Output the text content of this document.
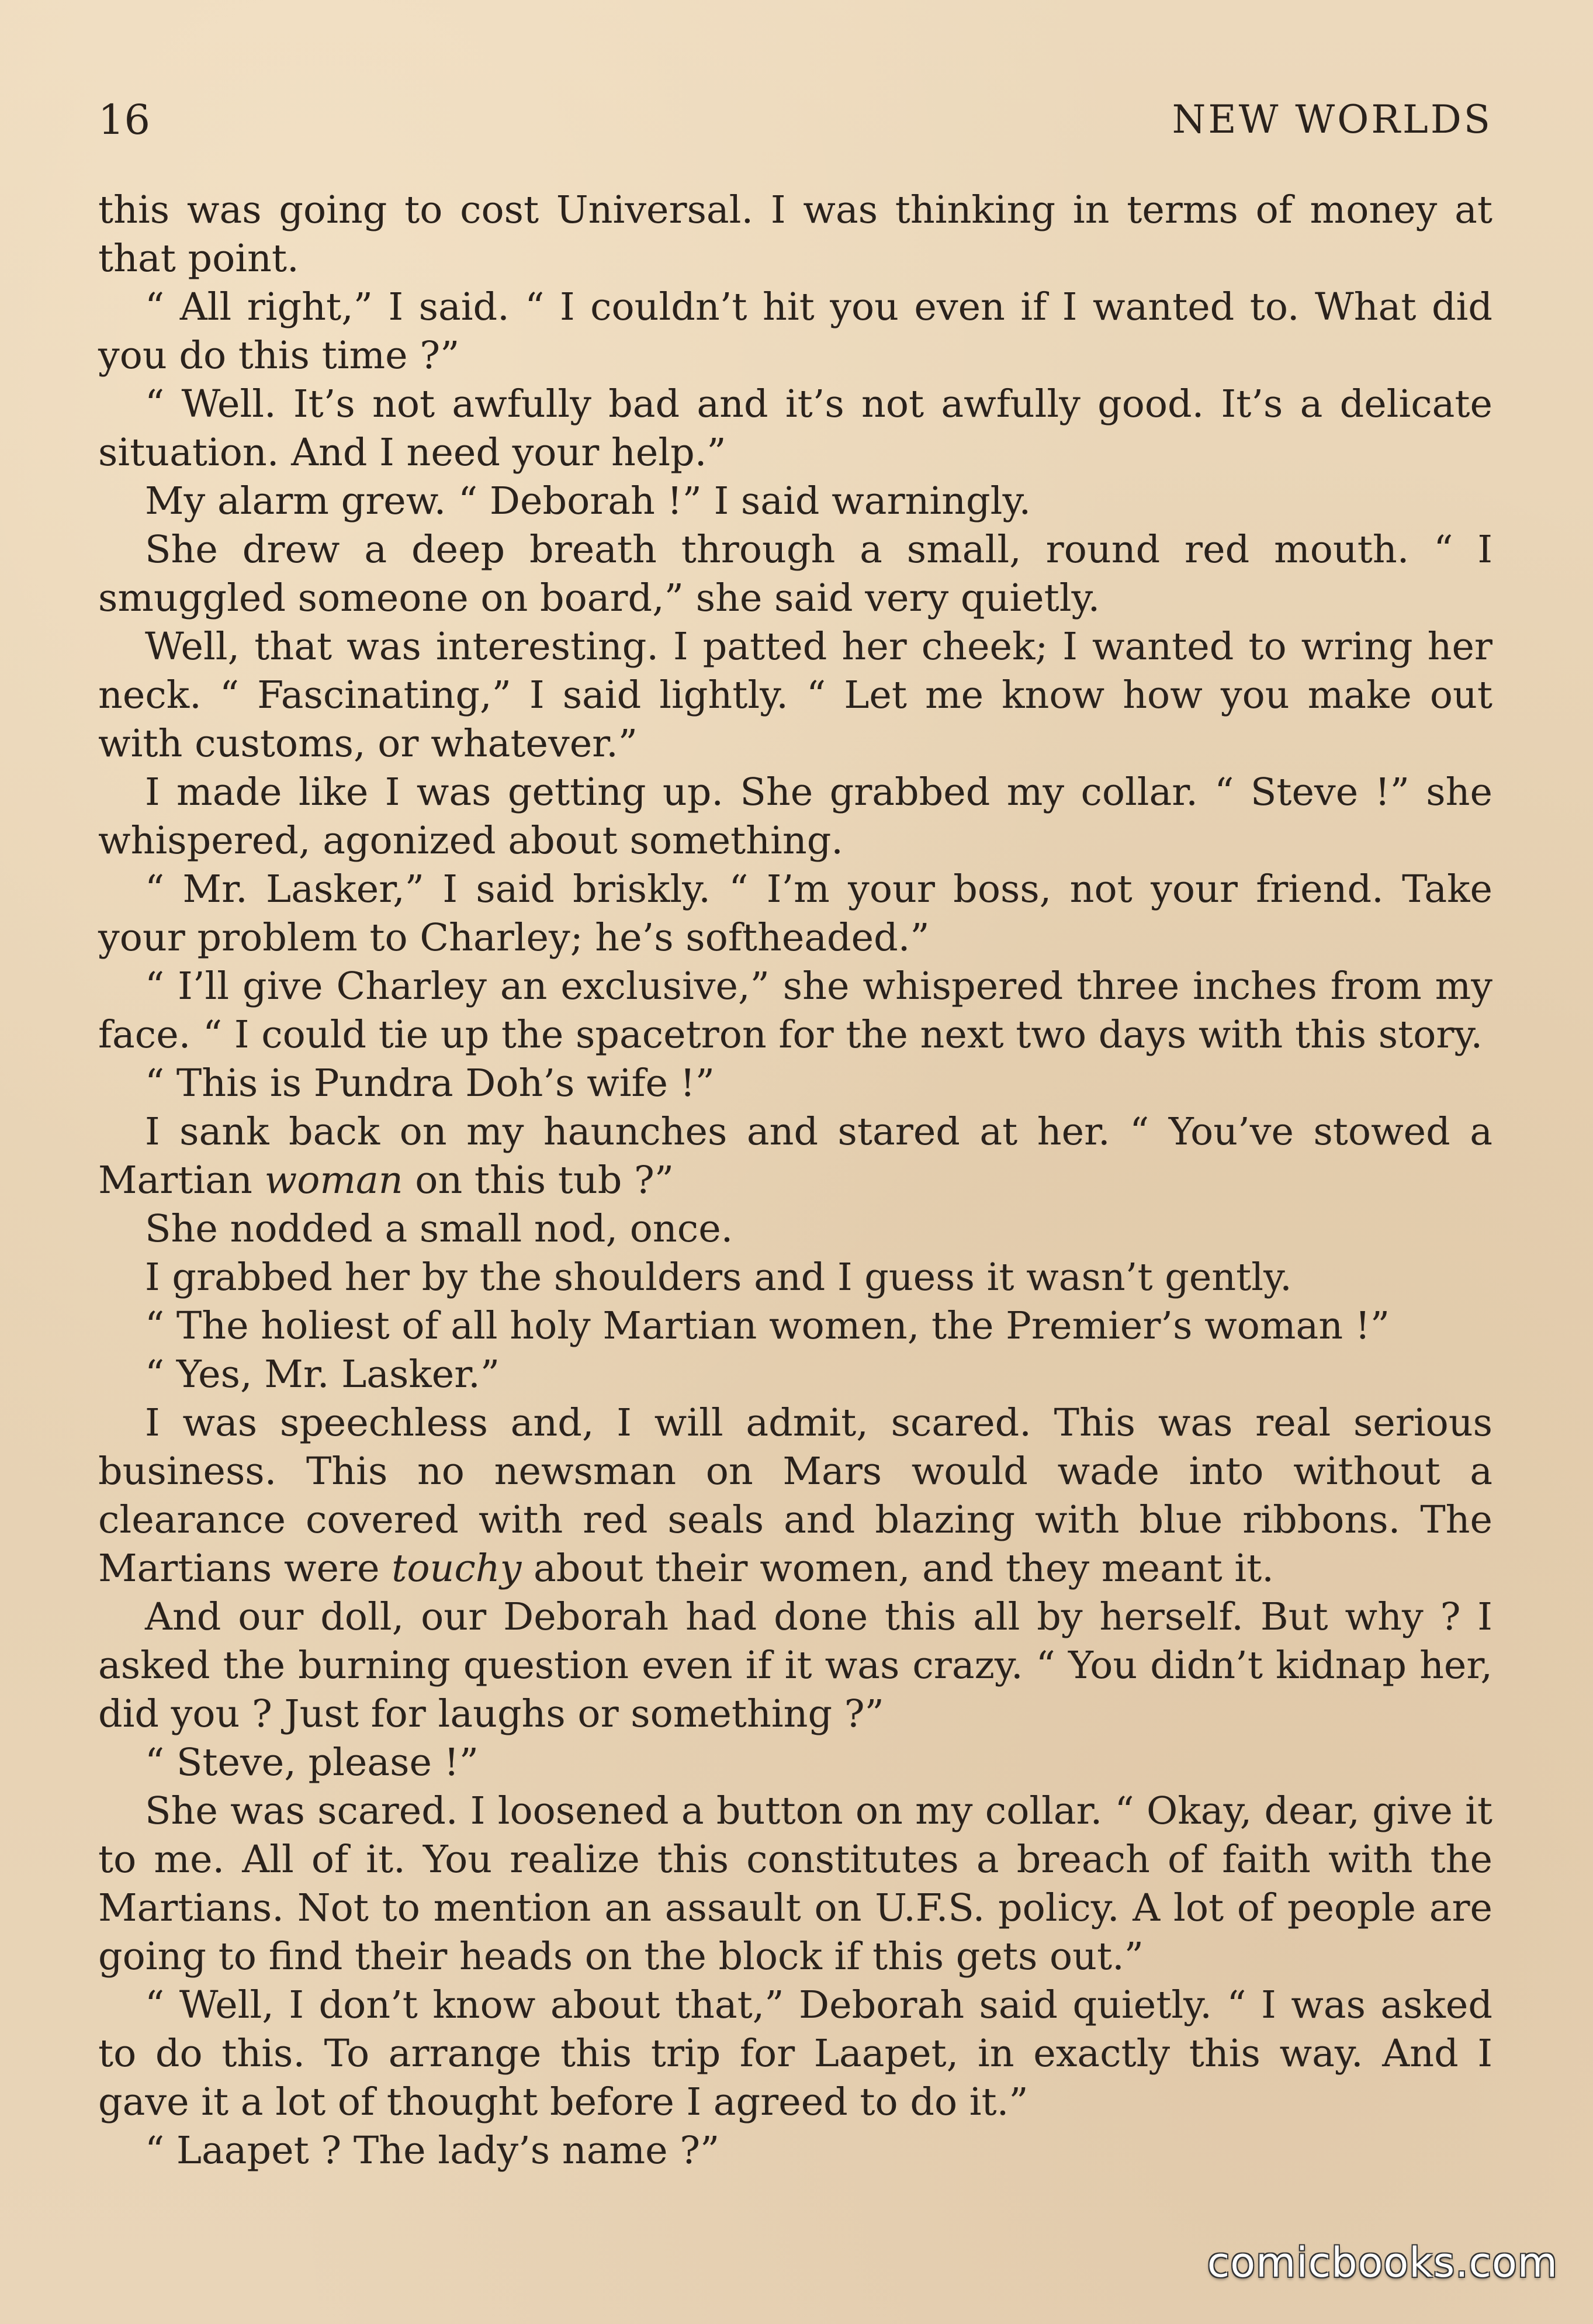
16	NEW WORLDS

this was going to cost Universal. I was thinking in terms of money at that point.

“ All right,” I said. “ I couldn’t hit you even if I wanted to. What did you do this time ?”

“ Well. It’s not awfully bad and it’s not awfully good. It’s a delicate situation. And I need your help.”

My alarm grew. “ Deborah !” I said warningly.

She drew a deep breath through a small, round red mouth. “ I smuggled someone on board,” she said very quietly.

Well, that was interesting. I patted her cheek; I wanted to wring her neck. “ Fascinating,” I said lightly. “ Let me know how you make out with customs, or whatever.”

I made like I was getting up. She grabbed my collar. “ Steve !” she whispered, agonized about something.

“ Mr. Lasker,” I said briskly. “ I’m your boss, not your friend. Take your problem to Charley; he’s softheaded.”

“ I’ll give Charley an exclusive,” she whispered three inches from my face. “ I could tie up the spacetron for the next two days with this story.

“ This is Pundra Doh’s wife !”

I sank back on my haunches and stared at her. “ You’ve stowed a Martian woman on this tub ?”

She nodded a small nod, once.

I grabbed her by the shoulders and I guess it wasn’t gently.

“ The holiest of all holy Martian women, the Premier’s woman !”

“ Yes, Mr. Lasker.”

I was speechless and, I will admit, scared. This was real serious business. This no newsman on Mars would wade into without a clearance covered with red seals and blazing with blue ribbons. The Martians were touchy about their women, and they meant it.

And our doll, our Deborah had done this all by herself. But why ? I asked the burning question even if it was crazy. “ You didn’t kidnap her, did you ? Just for laughs or something ?”

“ Steve, please !”

She was scared. I loosened a button on my collar. “ Okay, dear, give it to me. All of it. You realize this constitutes a breach of faith with the Martians. Not to mention an assault on U.F.S. policy. A lot of people are going to find their heads on the block if this gets out.”

“ Well, I don’t know about that,” Deborah said quietly. “ I was asked to do this. To arrange this trip for Laapet, in exactly this way. And I gave it a lot of thought before I agreed to do it.”

“ Laapet ? The lady’s name ?”

comicbooks.com
